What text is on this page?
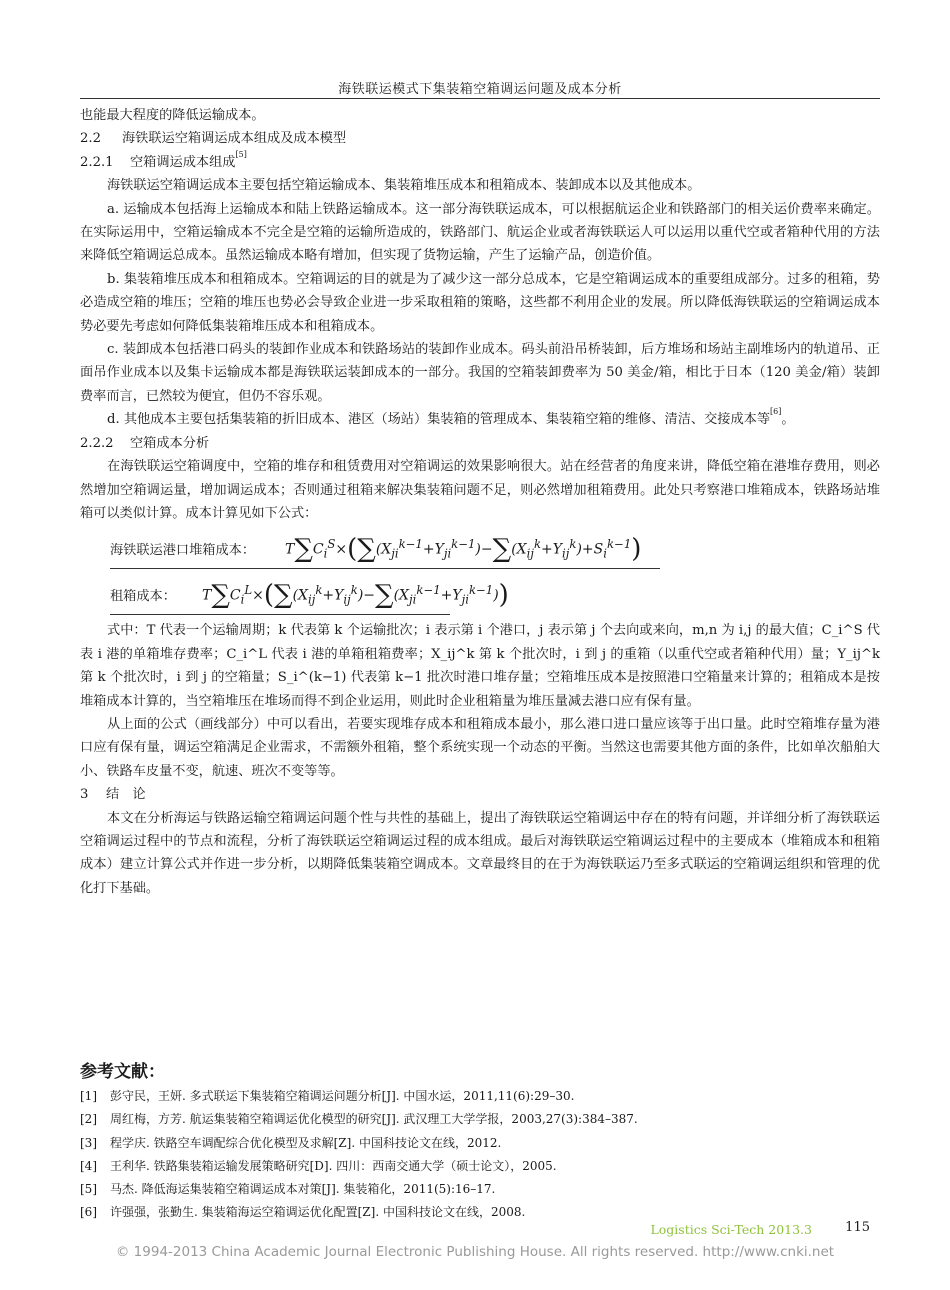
海铁联运模式下集装箱空箱调运问题及成本分析

也能最大程度的降低运输成本。

2.2 海铁联运空箱调运成本组成及成本模型

2.2.1 空箱调运成本组成[5]

海铁联运空箱调运成本主要包括空箱运输成本、集装箱堆压成本和租箱成本、装卸成本以及其他成本。

a. 运输成本包括海上运输成本和陆上铁路运输成本。这一部分海铁联运成本，可以根据航运企业和铁路部门的相关运价费率来确定。在实际运用中，空箱运输成本不完全是空箱的运输所造成的，铁路部门、航运企业或者海铁联运人可以运用以重代空或者箱种代用的方法来降低空箱调运总成本。虽然运输成本略有增加，但实现了货物运输，产生了运输产品，创造价值。

b. 集装箱堆压成本和租箱成本。空箱调运的目的就是为了减少这一部分总成本，它是空箱调运成本的重要组成部分。过多的租箱，势必造成空箱的堆压；空箱的堆压也势必会导致企业进一步采取租箱的策略，这些都不利用企业的发展。所以降低海铁联运的空箱调运成本势必要先考虑如何降低集装箱堆压成本和租箱成本。

c. 装卸成本包括港口码头的装卸作业成本和铁路场站的装卸作业成本。码头前沿吊桥装卸，后方堆场和场站主副堆场内的轨道吊、正面吊作业成本以及集卡运输成本都是海铁联运装卸成本的一部分。我国的空箱装卸费率为 50 美金/箱，相比于日本（120 美金/箱）装卸费率而言，已然较为便宜，但仍不容乐观。

d. 其他成本主要包括集装箱的折旧成本、港区（场站）集装箱的管理成本、集装箱空箱的维修、清洁、交接成本等[6]。

2.2.2 空箱成本分析

在海铁联运空箱调度中，空箱的堆存和租赁费用对空箱调运的效果影响很大。站在经营者的角度来讲，降低空箱在港堆存费用，则必然增加空箱调运量，增加调运成本；否则通过租箱来解决集装箱问题不足，则必然增加租箱费用。此处只考察港口堆箱成本，铁路场站堆箱可以类似计算。成本计算见如下公式：

海铁联运港口堆箱成本： $T\sum C_i^S\times(\sum(X_{ji}^{k-1}+Y_{ji}^{k-1})-\sum(X_{ij}^k+Y_{ij}^k)+S_i^{k-1})$
租箱成本： $T\sum C_i^L\times(\sum(X_{ij}^k+Y_{ij}^k)-\sum(X_{ji}^{k-1}+Y_{ji}^{k-1}))$

式中：T 代表一个运输周期；k 代表第 k 个运输批次；i 表示第 i 个港口，j 表示第 j 个去向或来向，m,n 为 i,j 的最大值；C_i^S 代表 i 港的单箱堆存费率；C_i^L 代表 i 港的单箱租箱费率；X_ij^k 第 k 个批次时，i 到 j 的重箱（以重代空或者箱种代用）量；Y_ij^k 第 k 个批次时，i 到 j 的空箱量；S_i^(k−1) 代表第 k−1 批次时港口堆存量；空箱堆压成本是按照港口空箱量来计算的；租箱成本是按堆箱成本计算的，当空箱堆压在堆场而得不到企业运用，则此时企业租箱量为堆压量减去港口应有保有量。

从上面的公式（画线部分）中可以看出，若要实现堆存成本和租箱成本最小，那么港口进口量应该等于出口量。此时空箱堆存量为港口应有保有量，调运空箱满足企业需求，不需额外租箱，整个系统实现一个动态的平衡。当然这也需要其他方面的条件，比如单次船舶大小、铁路车皮量不变，航速、班次不变等等。

3 结　论

本文在分析海运与铁路运输空箱调运问题个性与共性的基础上，提出了海铁联运空箱调运中存在的特有问题，并详细分析了海铁联运空箱调运过程中的节点和流程，分析了海铁联运空箱调运过程的成本组成。最后对海铁联运空箱调运过程中的主要成本（堆箱成本和租箱成本）建立计算公式并作进一步分析，以期降低集装箱空调成本。文章最终目的在于为海铁联运乃至多式联运的空箱调运组织和管理的优化打下基础。

参考文献：
[1]	彭守民，王妍. 多式联运下集装箱空箱调运问题分析[J]. 中国水运，2011,11(6):29–30.
[2]	周红梅，方芳. 航运集装箱空箱调运优化模型的研究[J]. 武汉理工大学学报，2003,27(3):384–387.
[3]	程学庆. 铁路空车调配综合优化模型及求解[Z]. 中国科技论文在线，2012.
[4]	王利华. 铁路集装箱运输发展策略研究[D]. 四川：西南交通大学（硕士论文），2005.
[5]	马杰. 降低海运集装箱空箱调运成本对策[J]. 集装箱化，2011(5):16–17.
[6]	许强强，张勤生. 集装箱海运空箱调运优化配置[Z]. 中国科技论文在线，2008.
Logistics Sci-Tech 2013.3	115
© 1994-2013 China Academic Journal Electronic Publishing House. All rights reserved. http://www.cnki.net
